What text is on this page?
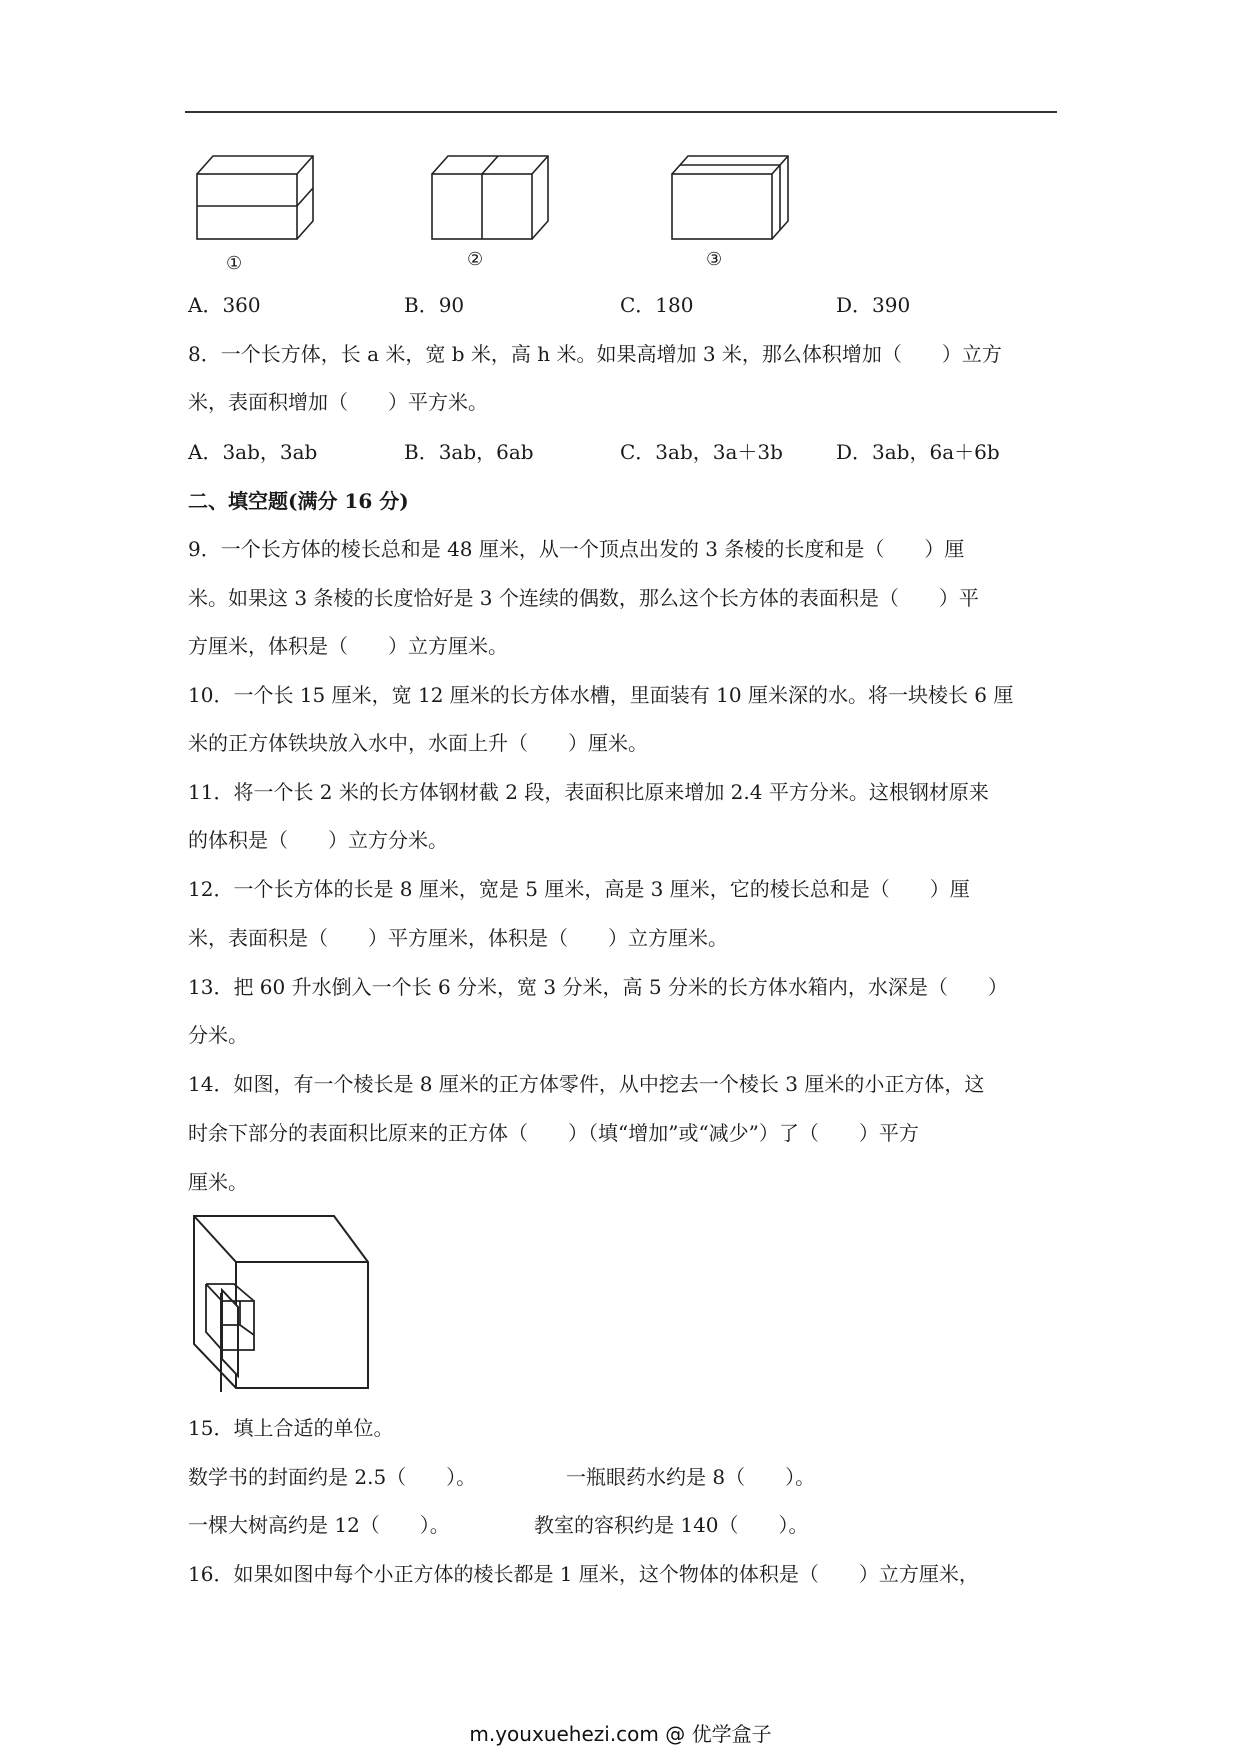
①	②	③
A．360	B．90	C．180	D．390
8．一个长方体，长 a 米，宽 b 米，高 h 米。如果高增加 3 米，那么体积增加（　　）立方
米，表面积增加（　　）平方米。
A．3ab，3ab	B．3ab，6ab	C．3ab，3a＋3b	D．3ab，6a＋6b
二、填空题(满分 16 分)
9．一个长方体的棱长总和是 48 厘米，从一个顶点出发的 3 条棱的长度和是（　　）厘
米。如果这 3 条棱的长度恰好是 3 个连续的偶数，那么这个长方体的表面积是（　　）平
方厘米，体积是（　　）立方厘米。
10．一个长 15 厘米，宽 12 厘米的长方体水槽，里面装有 10 厘米深的水。将一块棱长 6 厘
米的正方体铁块放入水中，水面上升（　　）厘米。
11．将一个长 2 米的长方体钢材截 2 段，表面积比原来增加 2.4 平方分米。这根钢材原来
的体积是（　　）立方分米。
12．一个长方体的长是 8 厘米，宽是 5 厘米，高是 3 厘米，它的棱长总和是（　　）厘
米，表面积是（　　）平方厘米，体积是（　　）立方厘米。
13．把 60 升水倒入一个长 6 分米，宽 3 分米，高 5 分米的长方体水箱内，水深是（　　）
分米。
14．如图，有一个棱长是 8 厘米的正方体零件，从中挖去一个棱长 3 厘米的小正方体，这
时余下部分的表面积比原来的正方体（　　）（填“增加”或“减少”）了（　　）平方
厘米。
15．填上合适的单位。
数学书的封面约是 2.5（　　）。	一瓶眼药水约是 8（　　）。
一棵大树高约是 12（　　）。	教室的容积约是 140（　　）。
16．如果如图中每个小正方体的棱长都是 1 厘米，这个物体的体积是（　　）立方厘米，
m.youxuehezi.com @ 优学盒子
